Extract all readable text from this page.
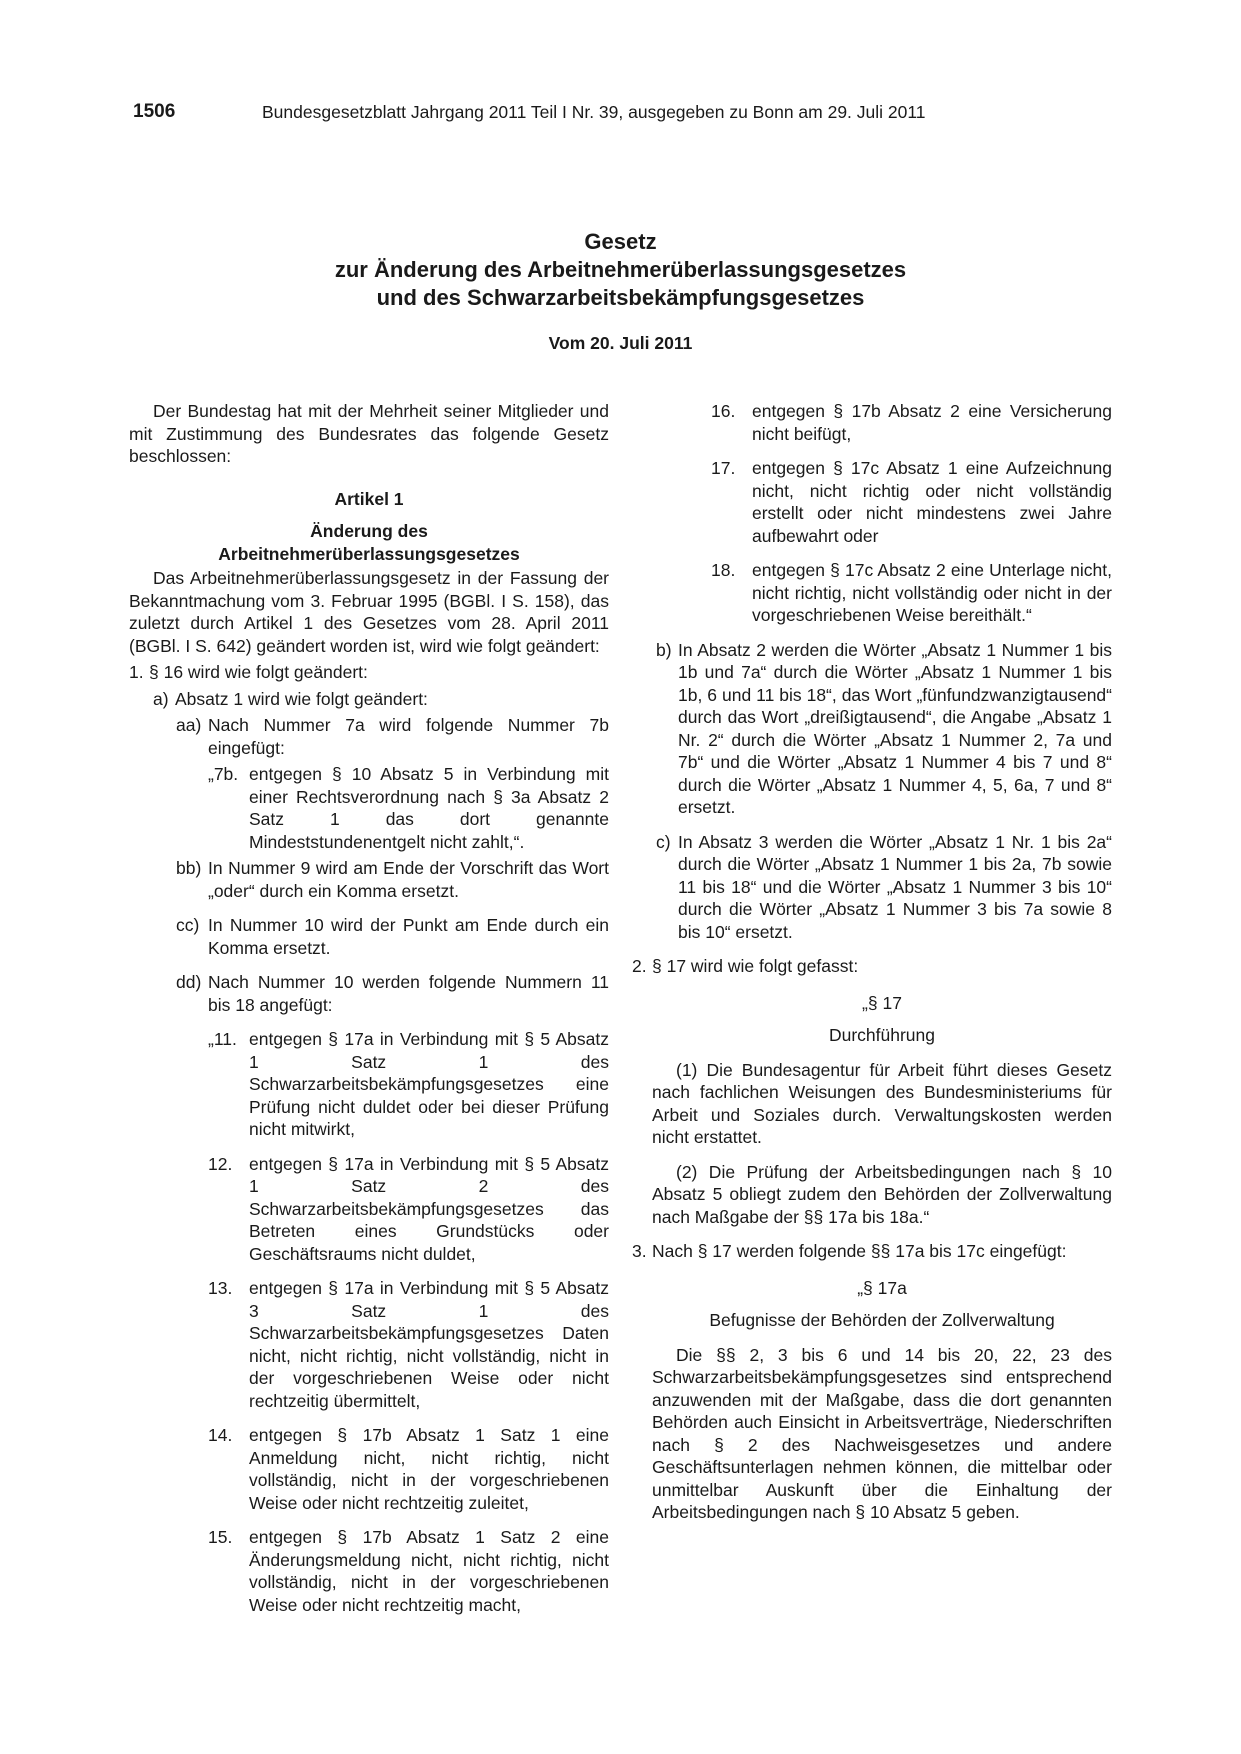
1506	Bundesgesetzblatt Jahrgang 2011 Teil I Nr. 39, ausgegeben zu Bonn am 29. Juli 2011
Gesetz
zur Änderung des Arbeitnehmerüberlassungsgesetzes
und des Schwarzarbeitsbekämpfungsgesetzes
Vom 20. Juli 2011

Der Bundestag hat mit der Mehrheit seiner Mitglieder und mit Zustimmung des Bundesrates das folgende Gesetz beschlossen:

Artikel 1

Änderung des

Arbeitnehmerüberlassungsgesetzes

Das Arbeitnehmerüberlassungsgesetz in der Fassung der Bekanntmachung vom 3. Februar 1995 (BGBl. I S. 158), das zuletzt durch Artikel 1 des Gesetzes vom 28. April 2011 (BGBl. I S. 642) geändert worden ist, wird wie folgt geändert:

1. § 16 wird wie folgt geändert:
a) Absatz 1 wird wie folgt geändert:
aa) Nach Nummer 7a wird folgende Nummer 7b eingefügt:
„7b. entgegen § 10 Absatz 5 in Verbindung mit einer Rechtsverordnung nach § 3a Absatz 2 Satz 1 das dort genannte Mindeststundenentgelt nicht zahlt,“.
bb) In Nummer 9 wird am Ende der Vorschrift das Wort „oder“ durch ein Komma ersetzt.
cc) In Nummer 10 wird der Punkt am Ende durch ein Komma ersetzt.
dd) Nach Nummer 10 werden folgende Nummern 11 bis 18 angefügt:
„11. entgegen § 17a in Verbindung mit § 5 Absatz 1 Satz 1 des Schwarzarbeitsbekämpfungsgesetzes eine Prüfung nicht duldet oder bei dieser Prüfung nicht mitwirkt,
12. entgegen § 17a in Verbindung mit § 5 Absatz 1 Satz 2 des Schwarzarbeitsbekämpfungsgesetzes das Betreten eines Grundstücks oder Geschäftsraums nicht duldet,
13. entgegen § 17a in Verbindung mit § 5 Absatz 3 Satz 1 des Schwarzarbeitsbekämpfungsgesetzes Daten nicht, nicht richtig, nicht vollständig, nicht in der vorgeschriebenen Weise oder nicht rechtzeitig übermittelt,
14. entgegen § 17b Absatz 1 Satz 1 eine Anmeldung nicht, nicht richtig, nicht vollständig, nicht in der vorgeschriebenen Weise oder nicht rechtzeitig zuleitet,
15. entgegen § 17b Absatz 1 Satz 2 eine Änderungsmeldung nicht, nicht richtig, nicht vollständig, nicht in der vorgeschriebenen Weise oder nicht rechtzeitig macht,
16. entgegen § 17b Absatz 2 eine Versicherung nicht beifügt,
17. entgegen § 17c Absatz 1 eine Aufzeichnung nicht, nicht richtig oder nicht vollständig erstellt oder nicht mindestens zwei Jahre aufbewahrt oder
18. entgegen § 17c Absatz 2 eine Unterlage nicht, nicht richtig, nicht vollständig oder nicht in der vorgeschriebenen Weise bereithält.“
b) In Absatz 2 werden die Wörter „Absatz 1 Nummer 1 bis 1b und 7a“ durch die Wörter „Absatz 1 Nummer 1 bis 1b, 6 und 11 bis 18“, das Wort „fünfundzwanzigtausend“ durch das Wort „dreißigtausend“, die Angabe „Absatz 1 Nr. 2“ durch die Wörter „Absatz 1 Nummer 2, 7a und 7b“ und die Wörter „Absatz 1 Nummer 4 bis 7 und 8“ durch die Wörter „Absatz 1 Nummer 4, 5, 6a, 7 und 8“ ersetzt.
c) In Absatz 3 werden die Wörter „Absatz 1 Nr. 1 bis 2a“ durch die Wörter „Absatz 1 Nummer 1 bis 2a, 7b sowie 11 bis 18“ und die Wörter „Absatz 1 Nummer 3 bis 10“ durch die Wörter „Absatz 1 Nummer 3 bis 7a sowie 8 bis 10“ ersetzt.
2. § 17 wird wie folgt gefasst:

„§ 17

Durchführung

(1) Die Bundesagentur für Arbeit führt dieses Gesetz nach fachlichen Weisungen des Bundesministeriums für Arbeit und Soziales durch. Verwaltungskosten werden nicht erstattet.

(2) Die Prüfung der Arbeitsbedingungen nach § 10 Absatz 5 obliegt zudem den Behörden der Zollverwaltung nach Maßgabe der §§ 17a bis 18a.“

3. Nach § 17 werden folgende §§ 17a bis 17c eingefügt:

„§ 17a

Befugnisse der Behörden der Zollverwaltung

Die §§ 2, 3 bis 6 und 14 bis 20, 22, 23 des Schwarzarbeitsbekämpfungsgesetzes sind entsprechend anzuwenden mit der Maßgabe, dass die dort genannten Behörden auch Einsicht in Arbeitsverträge, Niederschriften nach § 2 des Nachweisgesetzes und andere Geschäftsunterlagen nehmen können, die mittelbar oder unmittelbar Auskunft über die Einhaltung der Arbeitsbedingungen nach § 10 Absatz 5 geben.
